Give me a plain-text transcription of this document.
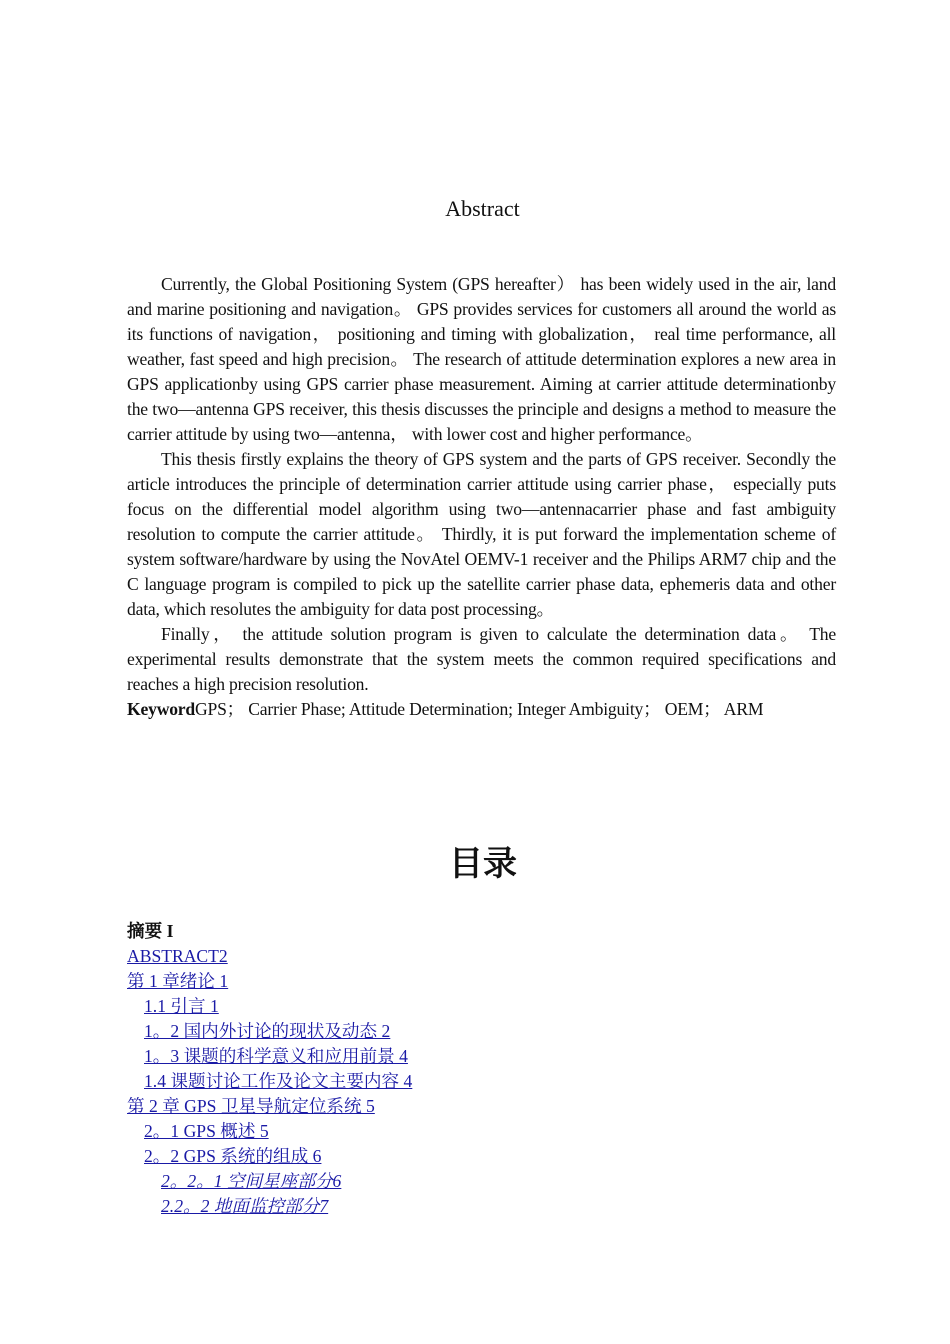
Abstract

Currently, the Global Positioning System (GPS hereafter） has been widely used in the air, land and marine positioning and navigation。 GPS provides services for customers all around the world as its functions of navigation， positioning and timing with globalization， real time performance, all weather, fast speed and high precision。 The research of attitude determination explores a new area in GPS applicationby using GPS carrier phase measurement. Aiming at carrier attitude determinationby the two—antenna GPS receiver, this thesis discusses the principle and designs a method to measure the carrier attitude by using two—antenna， with lower cost and higher performance。

This thesis firstly explains the theory of GPS system and the parts of GPS receiver. Secondly the article introduces the principle of determination carrier attitude using carrier phase， especially puts focus on the differential model algorithm using two—antennacarrier phase and fast ambiguity resolution to compute the carrier attitude。 Thirdly, it is put forward the implementation scheme of system software/hardware by using the NovAtel OEMV-1 receiver and the Philips ARM7 chip and the C language program is compiled to pick up the satellite carrier phase data, ephemeris data and other data, which resolutes the ambiguity for data post processing。

Finally， the attitude solution program is given to calculate the determination data。 The experimental results demonstrate that the system meets the common required specifications and reaches a high precision resolution.

KeywordGPS； Carrier Phase; Attitude Determination; Integer Ambiguity； OEM； ARM

目录
摘要 I
ABSTRACT2
第 1 章绪论 1
1.1 引言 1
1。2 国内外讨论的现状及动态 2
1。3 课题的科学意义和应用前景 4
1.4 课题讨论工作及论文主要内容 4
第 2 章 GPS 卫星导航定位系统 5
2。1 GPS 概述 5
2。2 GPS 系统的组成 6
2。2。1 空间星座部分6
2.2。2 地面监控部分7
